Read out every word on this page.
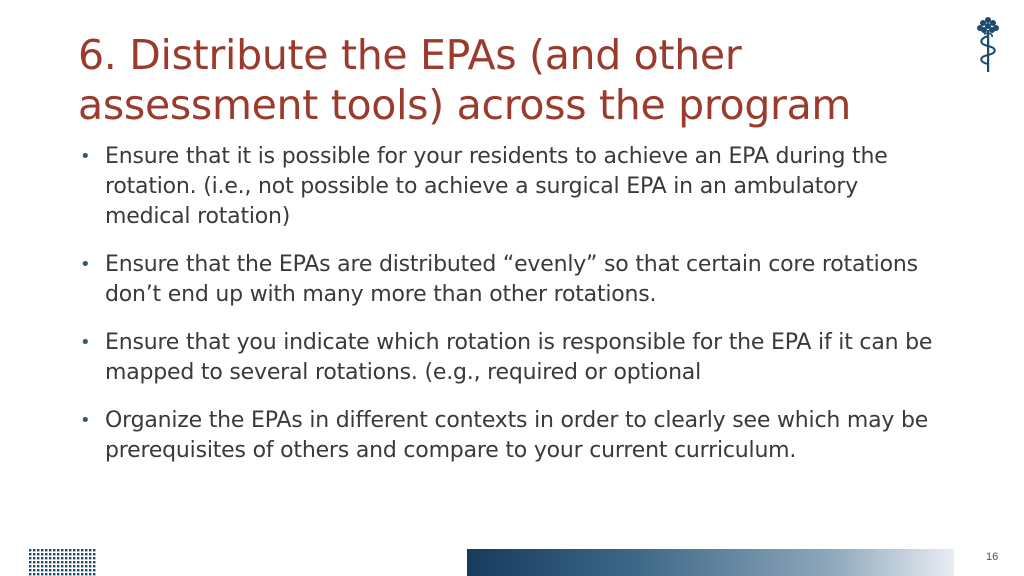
6. Distribute the EPAs (and other assessment tools) across the program
• Ensure that it is possible for your residents to achieve an EPA during the rotation. (i.e., not possible to achieve a surgical EPA in an ambulatory medical rotation)
• Ensure that the EPAs are distributed “evenly” so that certain core rotations don’t end up with many more than other rotations.
• Ensure that you indicate which rotation is responsible for the EPA if it can be mapped to several rotations. (e.g., required or optional
• Organize the EPAs in different contexts in order to clearly see which may be prerequisites of others and compare to your current curriculum.
16
